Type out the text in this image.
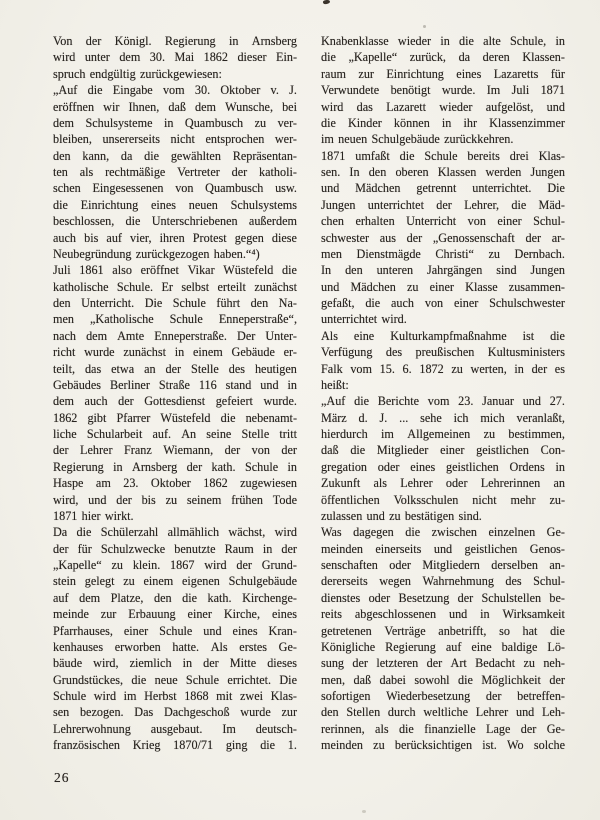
Von der Königl. Regierung in Arnsberg
wird unter dem 30. Mai 1862 dieser Ein-
spruch endgültig zurückgewiesen:
„Auf die Eingabe vom 30. Oktober v. J.
eröffnen wir Ihnen, daß dem Wunsche, bei
dem Schulsysteme in Quambusch zu ver-
bleiben, unsererseits nicht entsprochen wer-
den kann, da die gewählten Repräsentan-
ten als rechtmäßige Vertreter der katholi-
schen Eingesessenen von Quambusch usw.
die Einrichtung eines neuen Schulsystems
beschlossen, die Unterschriebenen außerdem
auch bis auf vier, ihren Protest gegen diese
Neubegründung zurückgezogen haben.“⁴)
Juli 1861 also eröffnet Vikar Wüstefeld die
katholische Schule. Er selbst erteilt zunächst
den Unterricht. Die Schule führt den Na-
men „Katholische Schule Enneperstraße“,
nach dem Amte Enneperstraße. Der Unter-
richt wurde zunächst in einem Gebäude er-
teilt, das etwa an der Stelle des heutigen
Gebäudes Berliner Straße 116 stand und in
dem auch der Gottesdienst gefeiert wurde.
1862 gibt Pfarrer Wüstefeld die nebenamt-
liche Schularbeit auf. An seine Stelle tritt
der Lehrer Franz Wiemann, der von der
Regierung in Arnsberg der kath. Schule in
Haspe am 23. Oktober 1862 zugewiesen
wird, und der bis zu seinem frühen Tode
1871 hier wirkt.
Da die Schülerzahl allmählich wächst, wird
der für Schulzwecke benutzte Raum in der
„Kapelle“ zu klein. 1867 wird der Grund-
stein gelegt zu einem eigenen Schulgebäude
auf dem Platze, den die kath. Kirchenge-
meinde zur Erbauung einer Kirche, eines
Pfarrhauses, einer Schule und eines Kran-
kenhauses erworben hatte. Als erstes Ge-
bäude wird, ziemlich in der Mitte dieses
Grundstückes, die neue Schule errichtet. Die
Schule wird im Herbst 1868 mit zwei Klas-
sen bezogen. Das Dachgeschoß wurde zur
Lehrerwohnung ausgebaut. Im deutsch-
französischen Krieg 1870/71 ging die 1.
Knabenklasse wieder in die alte Schule, in
die „Kapelle“ zurück, da deren Klassen-
raum zur Einrichtung eines Lazaretts für
Verwundete benötigt wurde. Im Juli 1871
wird das Lazarett wieder aufgelöst, und
die Kinder können in ihr Klassenzimmer
im neuen Schulgebäude zurückkehren.
1871 umfaßt die Schule bereits drei Klas-
sen. In den oberen Klassen werden Jungen
und Mädchen getrennt unterrichtet. Die
Jungen unterrichtet der Lehrer, die Mäd-
chen erhalten Unterricht von einer Schul-
schwester aus der „Genossenschaft der ar-
men Dienstmägde Christi“ zu Dernbach.
In den unteren Jahrgängen sind Jungen
und Mädchen zu einer Klasse zusammen-
gefaßt, die auch von einer Schulschwester
unterrichtet wird.
Als eine Kulturkampfmaßnahme ist die
Verfügung des preußischen Kultusministers
Falk vom 15. 6. 1872 zu werten, in der es
heißt:
„Auf die Berichte vom 23. Januar und 27.
März d. J. ... sehe ich mich veranlaßt,
hierdurch im Allgemeinen zu bestimmen,
daß die Mitglieder einer geistlichen Con-
gregation oder eines geistlichen Ordens in
Zukunft als Lehrer oder Lehrerinnen an
öffentlichen Volksschulen nicht mehr zu-
zulassen und zu bestätigen sind.
Was dagegen die zwischen einzelnen Ge-
meinden einerseits und geistlichen Genos-
senschaften oder Mitgliedern derselben an-
dererseits wegen Wahrnehmung des Schul-
dienstes oder Besetzung der Schulstellen be-
reits abgeschlossenen und in Wirksamkeit
getretenen Verträge anbetrifft, so hat die
Königliche Regierung auf eine baldige Lö-
sung der letzteren der Art Bedacht zu neh-
men, daß dabei sowohl die Möglichkeit der
sofortigen Wiederbesetzung der betreffen-
den Stellen durch weltliche Lehrer und Leh-
rerinnen, als die finanzielle Lage der Ge-
meinden zu berücksichtigen ist. Wo solche
26
